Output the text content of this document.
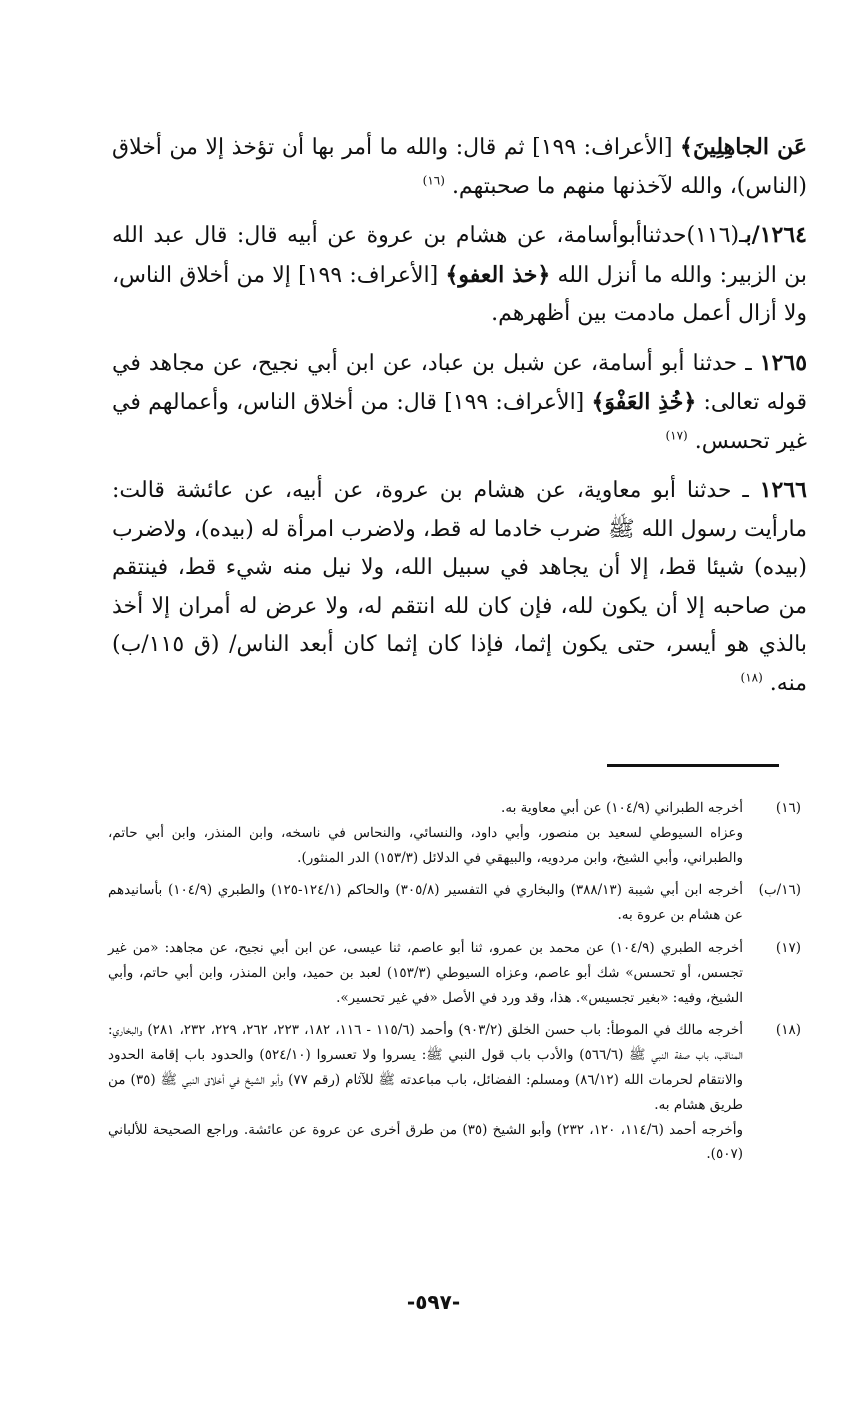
عَن الجاهِلِينَ﴾ [الأعراف: ١٩٩] ثم قال: والله ما أمر بها أن تؤخذ إلا من أخلاق (الناس)، والله لآخذنها منهم ما صحبتهم. $^{(١٦)}$

١٢٦٤/بـ(١١٦)حدثناأبوأسامة، عن هشام بن عروة عن أبيه قال: قال عبد الله بن الزبير: والله ما أنزل الله ﴿خذ العفو﴾ [الأعراف: ١٩٩] إلا من أخلاق الناس، ولا أزال أعمل مادمت بين أظهرهم.

١٢٦٥ ـ حدثنا أبو أسامة، عن شبل بن عباد، عن ابن أبي نجيح، عن مجاهد في قوله تعالى: ﴿خُذِ العَفْوَ﴾ [الأعراف: ١٩٩] قال: من أخلاق الناس، وأعمالهم في غير تحسس. $^{(١٧)}$

١٢٦٦ ـ حدثنا أبو معاوية، عن هشام بن عروة، عن أبيه، عن عائشة قالت: مارأيت رسول الله ﷺ ضرب خادما له قط، ولاضرب امرأة له (بيده)، ولاضرب (بيده) شيئا قط، إلا أن يجاهد في سبيل الله، ولا نيل منه شيء قط، فينتقم من صاحبه إلا أن يكون لله، فإن كان لله انتقم له، ولا عرض له أمران إلا أخذ بالذي هو أيسر، حتى يكون إثما، فإذا كان إثما كان أبعد الناس/ (ق ١١٥/ب) منه. $^{(١٨)}$

(١٦)

أخرجه الطبراني (١٠٤/٩) عن أبي معاوية به.

وعزاه السيوطي لسعيد بن منصور، وأبي داود، والنسائي، والنحاس في ناسخه، وابن المنذر، وابن أبي حاتم، والطبراني، وأبي الشيخ، وابن مردويه، والبيهقي في الدلائل (١٥٣/٣) الدر المنثور).

(١٦/ب)

أخرجه ابن أبي شيبة (٣٨٨/١٣) والبخاري في التفسير (٣٠٥/٨) والحاكم (١٢٤/١-١٢٥) والطبري (١٠٤/٩) بأسانيدهم عن هشام بن عروة به.

(١٧)

أخرجه الطبري (١٠٤/٩) عن محمد بن عمرو، ثنا أبو عاصم، ثنا عيسى، عن ابن أبي نجيح، عن مجاهد: «من غير تجسس، أو تحسس» شك أبو عاصم، وعزاه السيوطي (١٥٣/٣) لعبد بن حميد، وابن المنذر، وابن أبي حاتم، وأبي الشيخ، وفيه: «بغير تجسيس». هذا، وقد ورد في الأصل «في غير تحسير».

(١٨)

أخرجه مالك في الموطأ: باب حسن الخلق (٩٠٣/٢) وأحمد (١١٥/٦ - ١١٦، ١٨٢، ٢٢٣، ٢٦٢، ٢٢٩، ٢٣٢، ٢٨١) والبخاري: المناقب، باب صفة النبي ﷺ (٥٦٦/٦) والأدب باب قول النبي ﷺ: يسروا ولا تعسروا (٥٢٤/١٠) والحدود باب إقامة الحدود والانتقام لحرمات الله (٨٦/١٢) ومسلم: الفضائل، باب مباعدته ﷺ للآثام (رقم ٧٧) وأبو الشيخ في أخلاق النبي ﷺ (٣٥) من طريق هشام به.

وأخرجه أحمد (١١٤/٦، ١٢٠، ٢٣٢) وأبو الشيخ (٣٥) من طرق أخرى عن عروة عن عائشة. وراجع الصحيحة للألباني (٥٠٧).

-٥٩٧-
